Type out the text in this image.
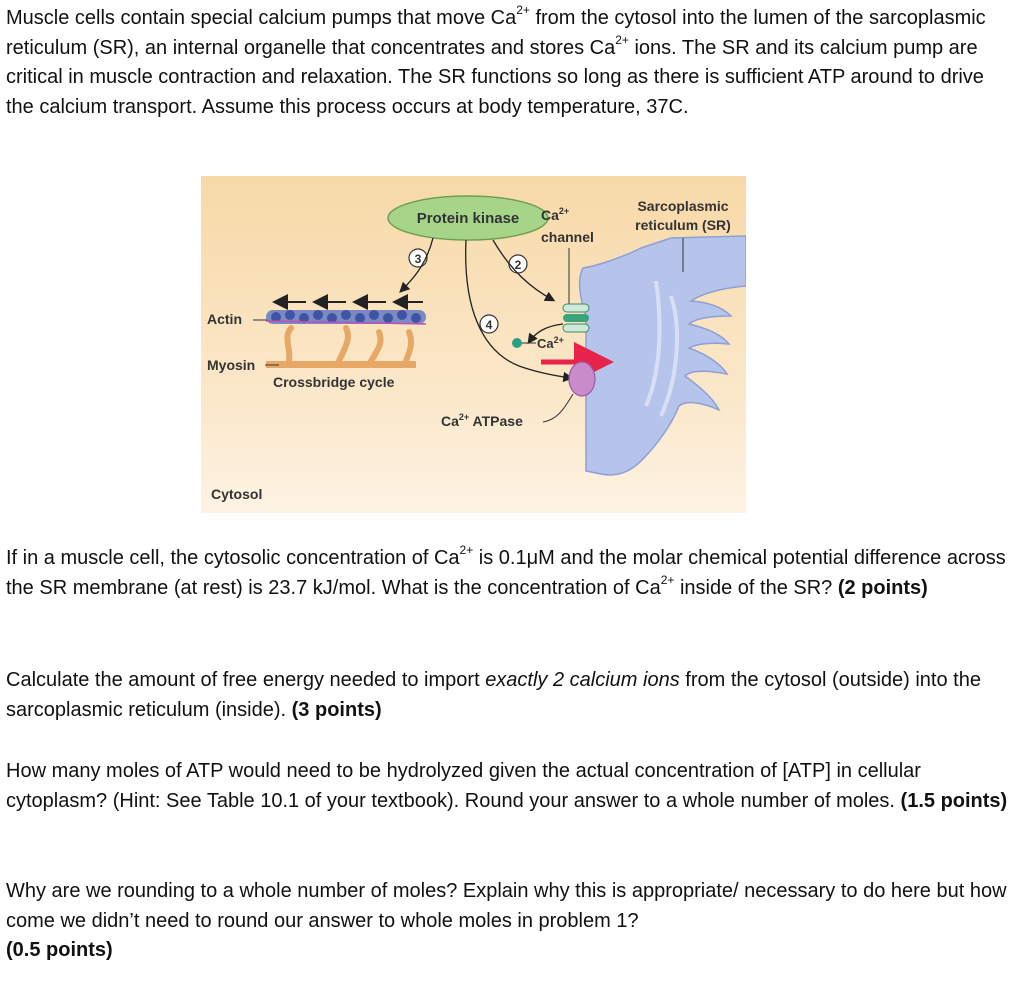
Muscle cells contain special calcium pumps that move $Ca^{2+}$ from the cytosol into the lumen of the sarcoplasmic reticulum (SR), an internal organelle that concentrates and stores $Ca^{2+}$ ions. The SR and its calcium pump are critical in muscle contraction and relaxation. The SR functions so long as there is sufficient ATP around to drive the calcium transport. Assume this process occurs at body temperature, 37C.

Protein kinase $Ca^{2+}$
channel
Sarcoplasmic
reticulum (SR)
3	2
4
Actin
Myosin
Crossbridge cycle
$Ca^{2+}$
$Ca^{2+}$ ATPase
Cytosol

If in a muscle cell, the cytosolic concentration of $Ca^{2+}$ is 0.1μM and the molar chemical potential difference across the SR membrane (at rest) is 23.7 kJ/mol. What is the concentration of $Ca^{2+}$ inside of the SR? (2 points)

Calculate the amount of free energy needed to import exactly 2 calcium ions from the cytosol (outside) into the sarcoplasmic reticulum (inside). (3 points)

How many moles of ATP would need to be hydrolyzed given the actual concentration of [ATP] in cellular cytoplasm? (Hint: See Table 10.1 of your textbook). Round your answer to a whole number of moles. (1.5 points)

Why are we rounding to a whole number of moles? Explain why this is appropriate/ necessary to do here but how come we didn’t need to round our answer to whole moles in problem 1?
(0.5 points)
